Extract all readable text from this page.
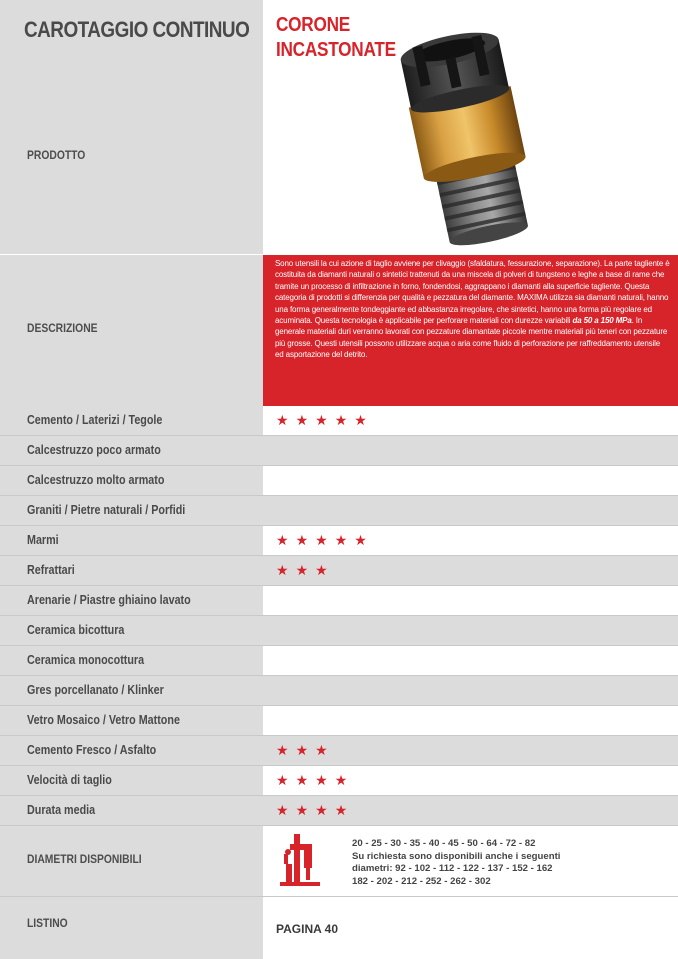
CAROTAGGIO CONTINUO CORONE
INCASTONATE
PRODOTTO
Sono utensili la cui azione di taglio avviene per clivaggio (sfaldatura, fessurazione, separazione). La parte tagliente è costituita da diamanti naturali o sintetici trattenuti da una miscela di polveri di tungsteno e leghe a base di rame che tramite un processo di infiltrazione in forno, fondendosi, aggrappano i diamanti alla superficie tagliente. Questa categoria di prodotti si differenzia per qualità e pezzatura del diamante. MAXIMA utilizza sia diamanti naturali, hanno una forma generalmente tondeggiante ed abbastanza irregolare, che sintetici, hanno una forma più regolare ed acuminata. Questa tecnologia è applicabile per perforare materiali con durezze variabili da 50 a 150 MPa. In generale materiali duri verranno lavorati con pezzature diamantate piccole mentre materiali più teneri con pezzature più grosse. Questi utensili possono utilizzare acqua o aria come fluido di perforazione per raffreddamento utensile ed asportazione del detrito.
DESCRIZIONE
Cemento / Laterizi / Tegole	★★★★★
Calcestruzzo poco armato
Calcestruzzo molto armato
Graniti / Pietre naturali / Porfidi
Marmi	★★★★★
Refrattari	★★★
Arenarie / Piastre ghiaino lavato
Ceramica bicottura
Ceramica monocottura
Gres porcellanato / Klinker
Vetro Mosaico / Vetro Mattone
Cemento Fresco / Asfalto	★★★
Velocità di taglio	★★★★
Durata media	★★★★
DIAMETRI DISPONIBILI
20 - 25 - 30 - 35 - 40 - 45 - 50 - 64 - 72 - 82
Su richiesta sono disponibili anche i seguenti
diametri: 92 - 102 - 112 - 122 - 137 - 152 - 162
182 - 202 - 212 - 252 - 262 - 302
LISTINO	PAGINA 40
